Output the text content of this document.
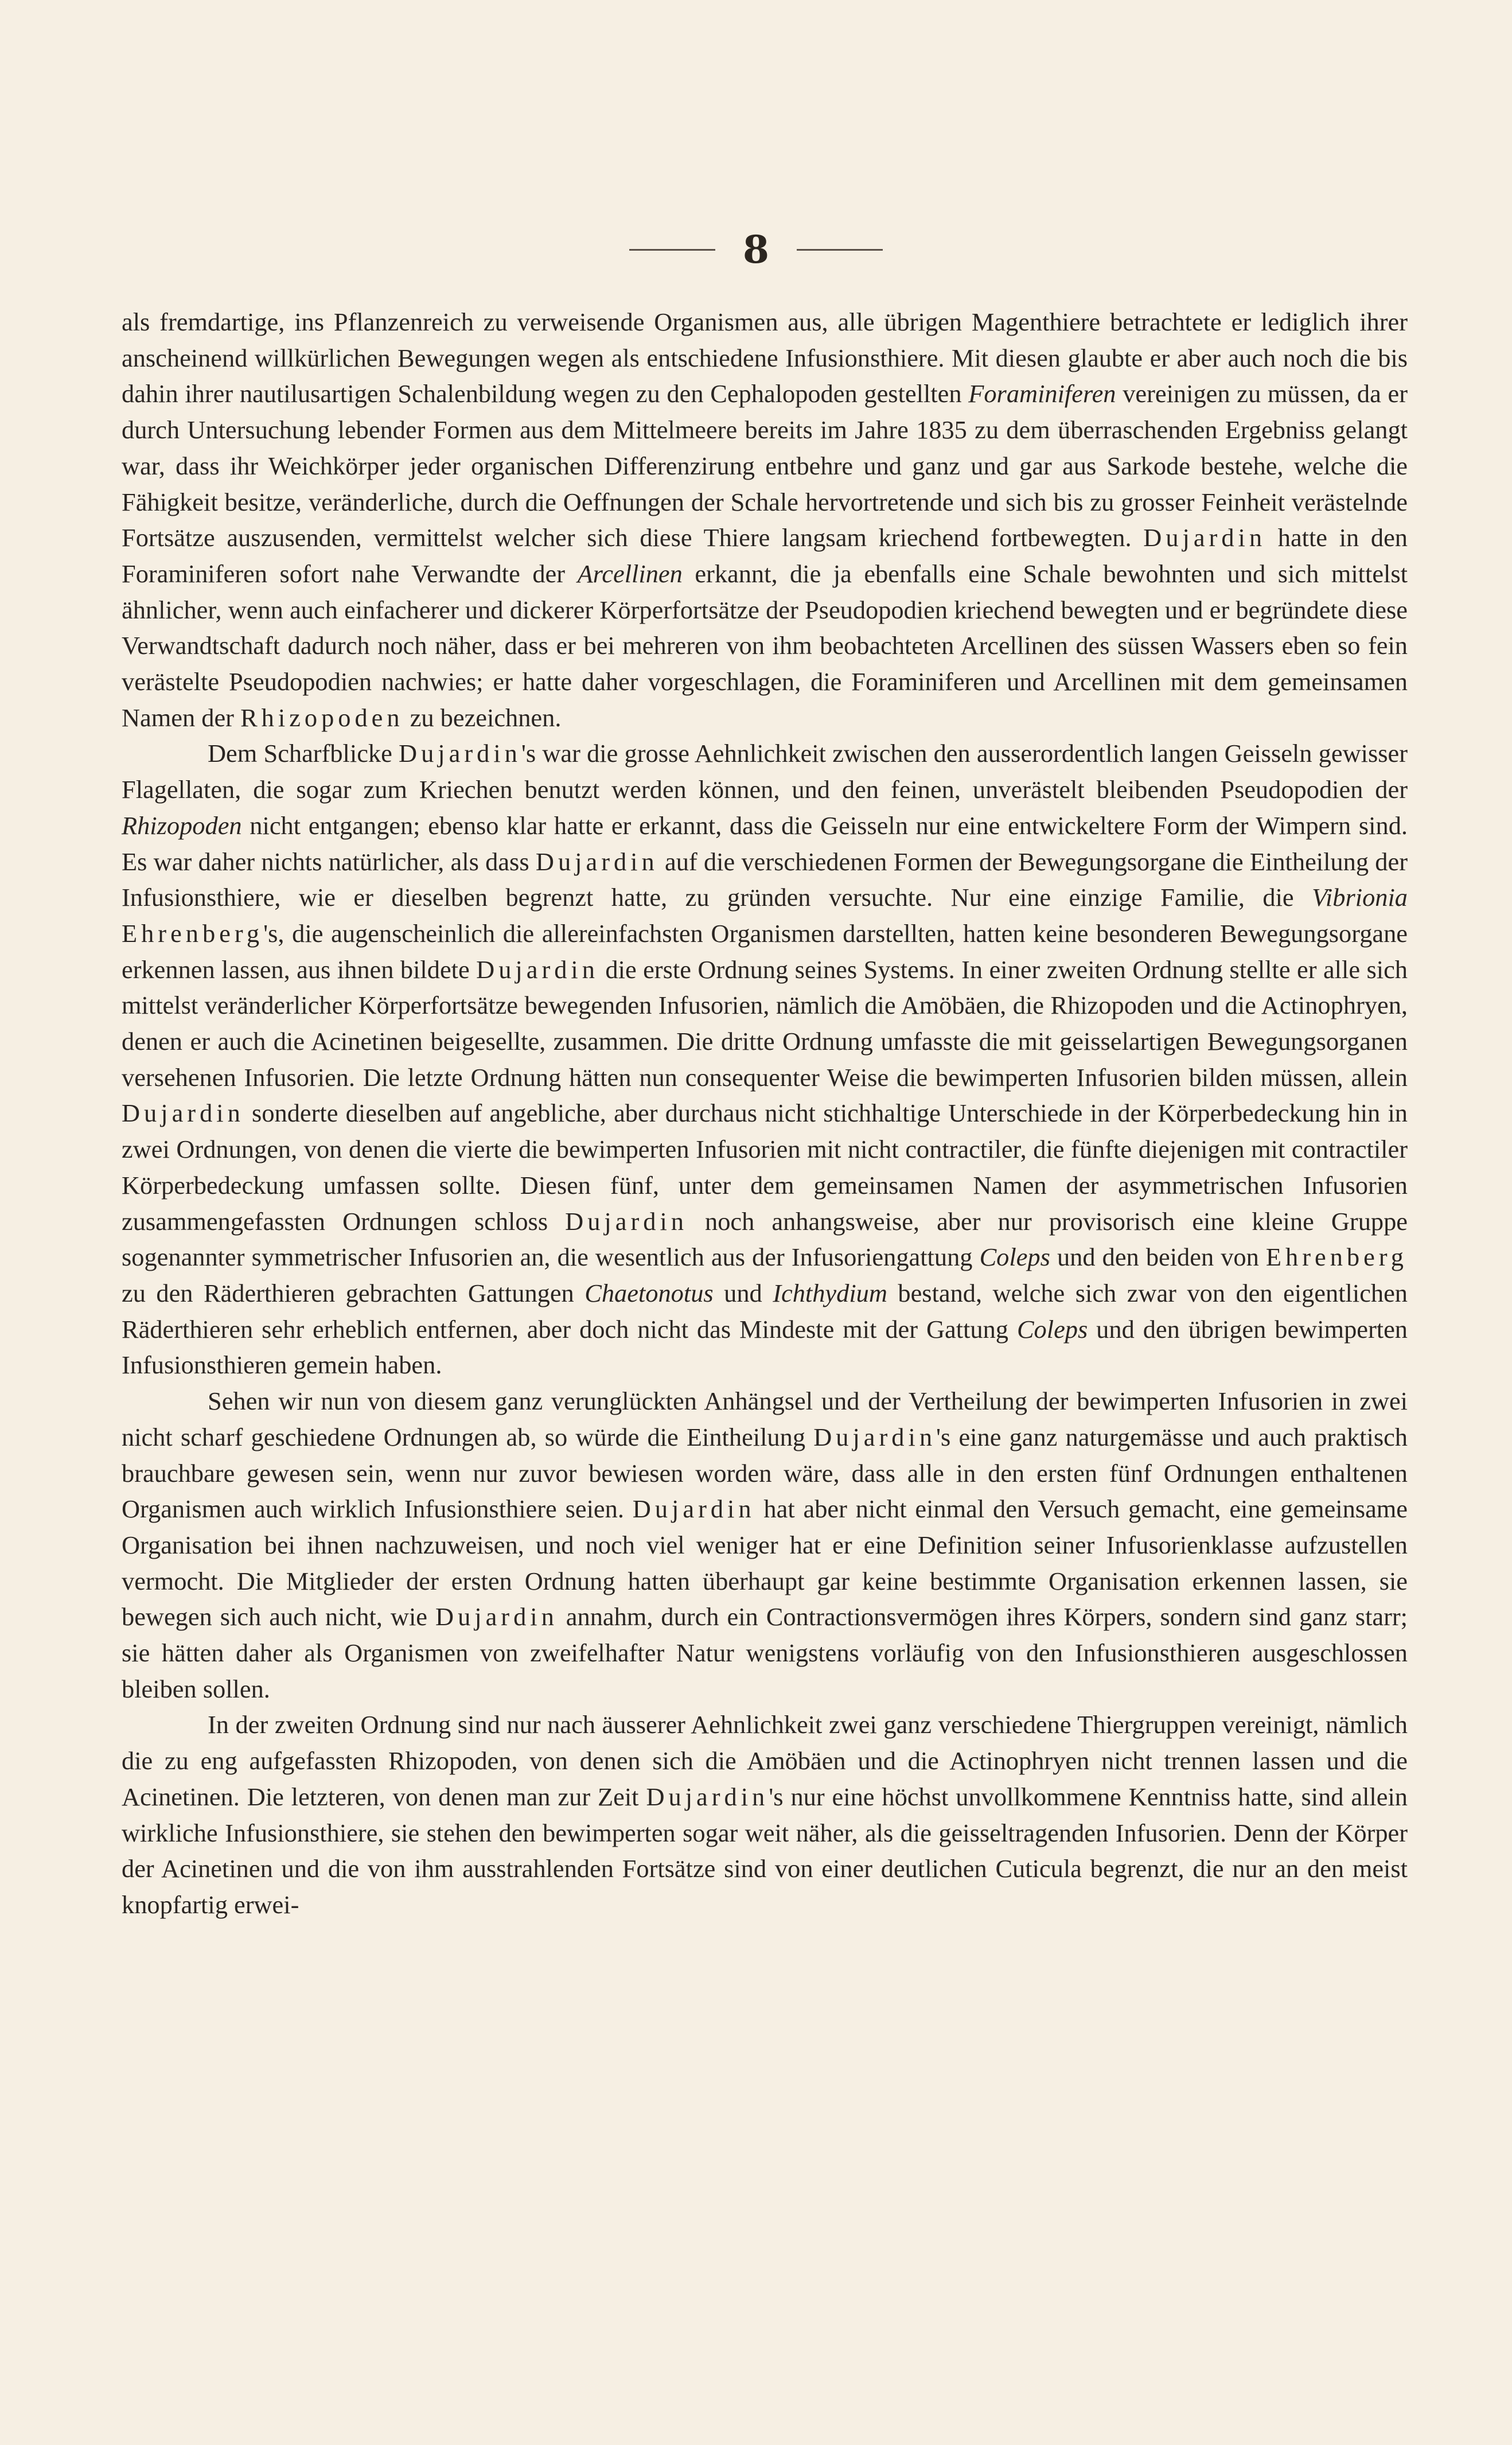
8

als fremdartige, ins Pflanzenreich zu verweisende Organismen aus, alle übrigen Magenthiere betrachtete er lediglich ihrer anscheinend willkürlichen Bewegungen wegen als entschiedene Infusionsthiere. Mit diesen glaubte er aber auch noch die bis dahin ihrer nautilusartigen Schalenbildung wegen zu den Cephalopoden gestellten Foraminiferen vereinigen zu müssen, da er durch Untersuchung lebender Formen aus dem Mittelmeere bereits im Jahre 1835 zu dem überraschenden Ergebniss gelangt war, dass ihr Weichkörper jeder organischen Differenzirung entbehre und ganz und gar aus Sarkode bestehe, welche die Fähigkeit besitze, veränderliche, durch die Oeffnungen der Schale hervortretende und sich bis zu grosser Feinheit verästelnde Fortsätze auszusenden, vermittelst welcher sich diese Thiere langsam kriechend fortbewegten. Dujardin hatte in den Foraminiferen sofort nahe Verwandte der Arcellinen erkannt, die ja ebenfalls eine Schale bewohnten und sich mittelst ähnlicher, wenn auch einfacherer und dickerer Körperfortsätze der Pseudopodien kriechend bewegten und er begründete diese Verwandtschaft dadurch noch näher, dass er bei mehreren von ihm beobachteten Arcellinen des süssen Wassers eben so fein verästelte Pseudopodien nachwies; er hatte daher vorgeschlagen, die Foraminiferen und Arcellinen mit dem gemeinsamen Namen der Rhizopoden zu bezeichnen.

Dem Scharfblicke Dujardin's war die grosse Aehnlichkeit zwischen den ausserordentlich langen Geisseln gewisser Flagellaten, die sogar zum Kriechen benutzt werden können, und den feinen, unverästelt bleibenden Pseudopodien der Rhizopoden nicht entgangen; ebenso klar hatte er erkannt, dass die Geisseln nur eine entwickeltere Form der Wimpern sind. Es war daher nichts natürlicher, als dass Dujardin auf die verschiedenen Formen der Bewegungsorgane die Eintheilung der Infusionsthiere, wie er dieselben begrenzt hatte, zu gründen versuchte. Nur eine einzige Familie, die Vibrionia Ehrenberg's, die augenscheinlich die allereinfachsten Organismen darstellten, hatten keine besonderen Bewegungsorgane erkennen lassen, aus ihnen bildete Dujardin die erste Ordnung seines Systems. In einer zweiten Ordnung stellte er alle sich mittelst veränderlicher Körperfortsätze bewegenden Infusorien, nämlich die Amöbäen, die Rhizopoden und die Actinophryen, denen er auch die Acinetinen beigesellte, zusammen. Die dritte Ordnung umfasste die mit geisselartigen Bewegungsorganen versehenen Infusorien. Die letzte Ordnung hätten nun consequenter Weise die bewimperten Infusorien bilden müssen, allein Dujardin sonderte dieselben auf angebliche, aber durchaus nicht stichhaltige Unterschiede in der Körperbedeckung hin in zwei Ordnungen, von denen die vierte die bewimperten Infusorien mit nicht contractiler, die fünfte diejenigen mit contractiler Körperbedeckung umfassen sollte. Diesen fünf, unter dem gemeinsamen Namen der asymmetrischen Infusorien zusammengefassten Ordnungen schloss Dujardin noch anhangsweise, aber nur provisorisch eine kleine Gruppe sogenannter symmetrischer Infusorien an, die wesentlich aus der Infusoriengattung Coleps und den beiden von Ehrenberg zu den Räderthieren gebrachten Gattungen Chaetonotus und Ichthydium bestand, welche sich zwar von den eigentlichen Räderthieren sehr erheblich entfernen, aber doch nicht das Mindeste mit der Gattung Coleps und den übrigen bewimperten Infusionsthieren gemein haben.

Sehen wir nun von diesem ganz verunglückten Anhängsel und der Vertheilung der bewimperten Infusorien in zwei nicht scharf geschiedene Ordnungen ab, so würde die Eintheilung Dujardin's eine ganz naturgemässe und auch praktisch brauchbare gewesen sein, wenn nur zuvor bewiesen worden wäre, dass alle in den ersten fünf Ordnungen enthaltenen Organismen auch wirklich Infusionsthiere seien. Dujardin hat aber nicht einmal den Versuch gemacht, eine gemeinsame Organisation bei ihnen nachzuweisen, und noch viel weniger hat er eine Definition seiner Infusorienklasse aufzustellen vermocht. Die Mitglieder der ersten Ordnung hatten überhaupt gar keine bestimmte Organisation erkennen lassen, sie bewegen sich auch nicht, wie Dujardin annahm, durch ein Contractionsvermögen ihres Körpers, sondern sind ganz starr; sie hätten daher als Organismen von zweifelhafter Natur wenigstens vorläufig von den Infusionsthieren ausgeschlossen bleiben sollen.

In der zweiten Ordnung sind nur nach äusserer Aehnlichkeit zwei ganz verschiedene Thiergruppen vereinigt, nämlich die zu eng aufgefassten Rhizopoden, von denen sich die Amöbäen und die Actinophryen nicht trennen lassen und die Acinetinen. Die letzteren, von denen man zur Zeit Dujardin's nur eine höchst unvollkommene Kenntniss hatte, sind allein wirkliche Infusionsthiere, sie stehen den bewimperten sogar weit näher, als die geisseltragenden Infusorien. Denn der Körper der Acinetinen und die von ihm ausstrahlenden Fortsätze sind von einer deutlichen Cuticula begrenzt, die nur an den meist knopfartig erwei-
